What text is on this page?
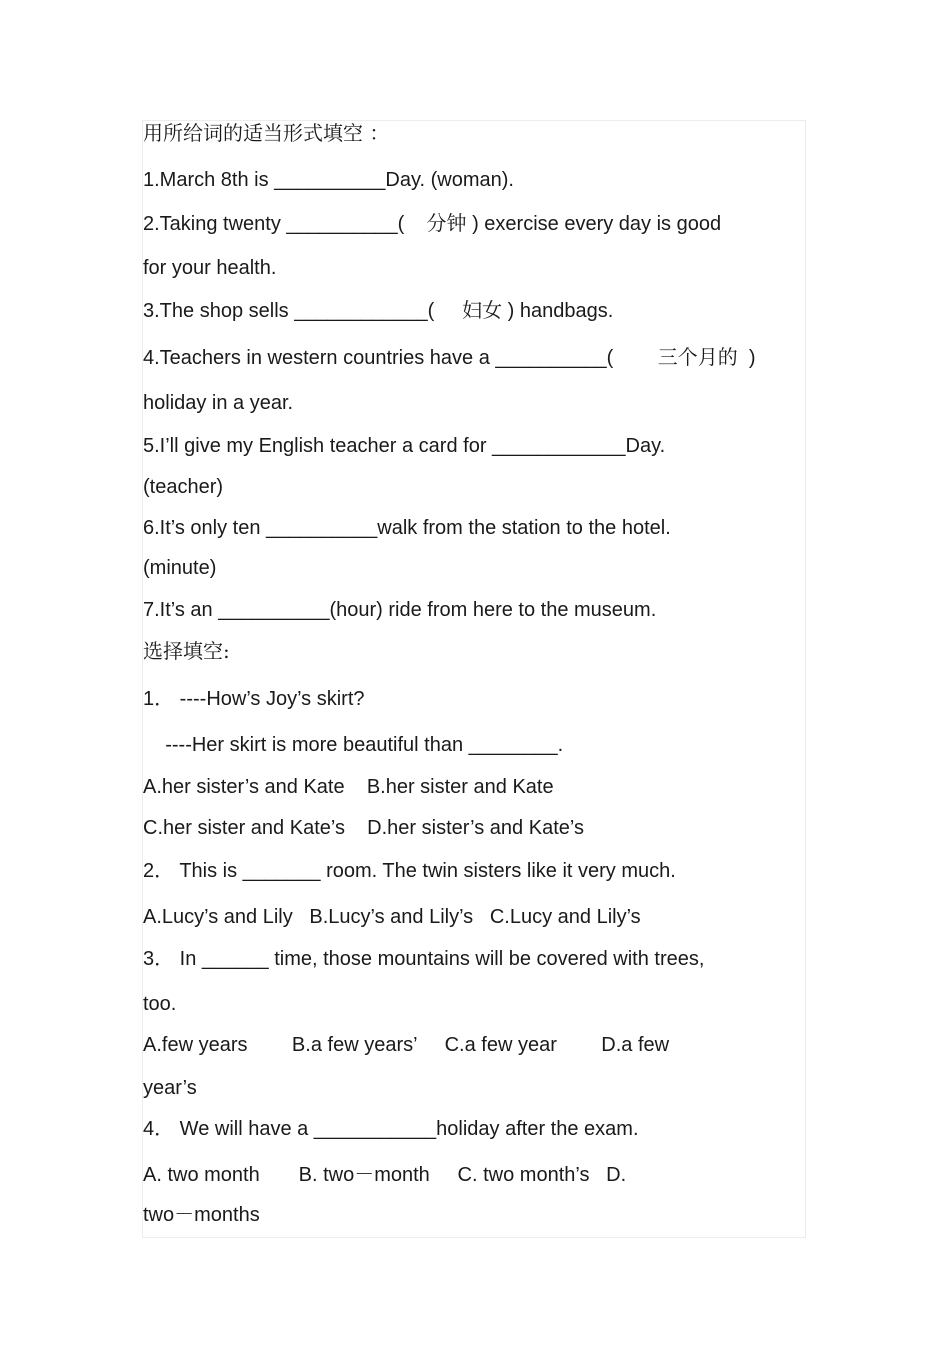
用所给词的适当形式填空 ：

1.March 8th is __________Day. (woman).

2.Taking twenty __________(    分钟 ) exercise every day is good

for your health.

3.The shop sells ____________(     妇女 ) handbags.

4.Teachers in western countries have a __________(        三个月的  )

holiday in a year.

5.I’ll give my English teacher a card for ____________Day.

(teacher)

6.It’s only ten __________walk from the station to the hotel.

(minute)

7.It’s an __________(hour) ride from here to the museum.

选择填空:

1． ----How’s Joy’s skirt?

----Her skirt is more beautiful than ________.

A.her sister’s and Kate    B.her sister and Kate

C.her sister and Kate’s    D.her sister’s and Kate’s

2． This is _______ room. The twin sisters like it very much.

A.Lucy’s and Lily   B.Lucy’s and Lily’s   C.Lucy and Lily’s

3． In ______ time, those mountains will be covered with trees,

too.

A.few years        B.a few years’     C.a few year        D.a few

year’s

4． We will have a ___________holiday after the exam.

A. two month       B. two－month     C. two month’s   D.

two－months
